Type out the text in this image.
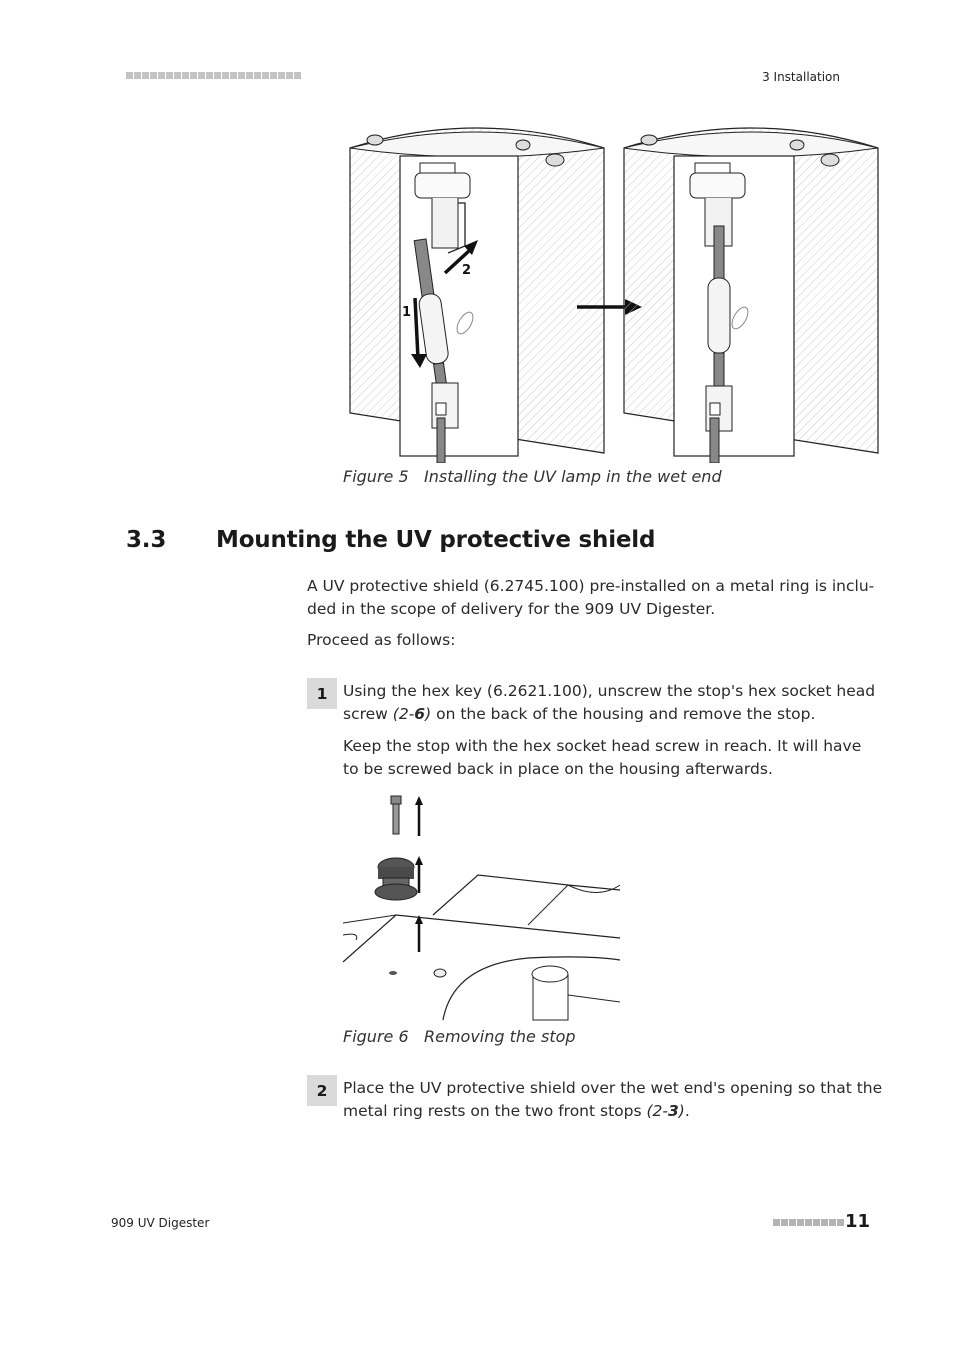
3 Installation
1
2
Figure 5 Installing the UV lamp in the wet end
3.3 Mounting the UV protective shield
A UV protective shield (6.2745.100) pre-installed on a metal ring is inclu-
ded in the scope of delivery for the 909 UV Digester.
Proceed as follows:
1	Using the hex key (6.2621.100), unscrew the stop's hex socket head
screw (2-6) on the back of the housing and remove the stop.
Keep the stop with the hex socket head screw in reach. It will have
to be screwed back in place on the housing afterwards.
Figure 6 Removing the stop
2	Place the UV protective shield over the wet end's opening so that the
metal ring rests on the two front stops (2-3).
909 UV Digester	11
